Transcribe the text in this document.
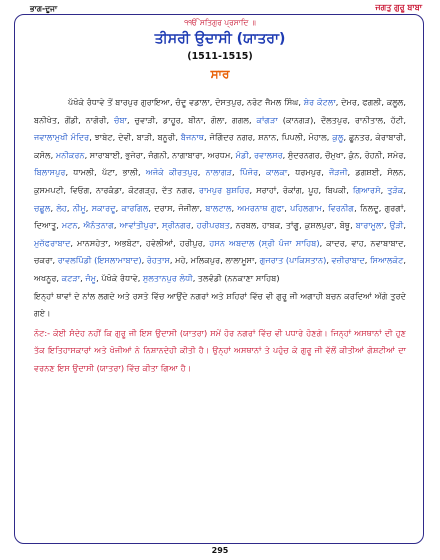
ਭਾਗ-ਦੂਜਾ	ਜਗਤੁ ਗੁਰੂ ਬਾਬਾ
੧ੴ ਸਤਿਗੁਰ ਪ੍ਰਸਾਦਿ ॥
ਤੀਸਰੀ ਉਦਾਸੀ (ਯਾਤਰਾ)
(1511-1515)
ਸਾਰ

ਪੱਖੋਕੇ ਰੰਧਾਵੇ ਤੋਂ ਬਾਰਪੁਰ ਗੁਰਾਇਆ, ਚੰਦੂ ਵਡਾਲਾ, ਦੋਸਤਪੁਰ, ਨਰੋਟ ਜੈਮਲ ਸਿੰਘ, ਸ਼ੇਰ ਕੋਟਲਾ, ਦੇਮਰ, ਫਗਲੀ, ਕਲੂਲ, ਬਨੀਖੇਤ, ਗੋਂਡੀ, ਨਾਗੋਰੀ, ਚੰਬਾ, ਚੁਵਾੜੀ, ਡਾਹੂਰ, ਬੀਨਾ, ਗੋਲਾ, ਗਗਲ, ਕਾਂਗੜਾ (ਕਾਨਗੜ), ਦੌਲਤਪੁਰ, ਰਾਨੀਤਾਲ, ਹੱਟੀ, ਜਵਾਲਾਮੁਖੀ ਮੰਦਿਰ, ਝਾਬੇਟ, ਦੇਵੀ, ਬਾੜੀ, ਬਨੂਰੀ, ਬੈਜਨਾਥ, ਜੋਗਿੰਦਰ ਨਗਰ, ਸ਼ਨਾਨ, ਪਿਪਲੀ, ਮੋਹਾਲ, ਕੁਲੂ, ਛੂਨਤਰ, ਕੇਰਾਬਾਰੀ, ਕਸੋਲ, ਮਨੀਕਰਨ, ਸਾਰਾਬਾਈ, ਭੁਜੇਰਾ, ਜੰਗਨੀ, ਨਾਗਾਬਾਰਾ, ਅਰਧਮ, ਮੰਡੀ, ਰਵਾਲਸਰ, ਸੁੰਦਰਨਗਰ, ਚੌਮੁਖਾ, ਕੁੰਨ, ਰੋਹਨੀ, ਸਮੇਰ, ਬਿਲਾਸਪੁਰ, ਧਾਮਲੀ, ਪੱਟਾ, ਭਾਲੀ, ਅਜੋਕੇ ਕੀਰਤਪੁਰ, ਨਾਲਾਗੜ, ਪਿੰਜੋਰ, ਕਾਲਕਾ, ਧਰਮਪੁਰ, ਜੌੜਜੀ, ਡਗਸ਼ਈ, ਸੋਲਨ, ਕੁਸਮਪਟੀ, ਵਿਓਗ, ਨਾਰਕੰਡਾ, ਕੋਟਗੜ੍ਹ, ਦੱਤ ਨਗਰ, ਰਾਮਪੁਰ ਬੁਸ਼ਹਿਰ, ਸਰਾਹਾਂ, ਰੋਕਾਂਗ, ਪੂਹ, ਬਿਪਕੀ, ਗਿਆਰਸੋ, ਤੁੜੋਕ, ਚਛੂਲ, ਲੇਹ, ਨੀਮੂ, ਸਕਾਰਦੂ, ਕਾਰਗਿਲ, ਦਰਾਸ, ਜੋਜੀਲਾ, ਬਾਲਟਾਲ, ਅਮਰਨਾਥ ਗੁਫਾ, ਪਹਿਲਗਾਮ, ਵਿਰਨੀਗ, ਨਿਲਦੂ, ਗੁਰਗਾਂ, ਦਿਆਤੂ, ਮਟਨ, ਐਨੰਤਨਾਗ, ਆਵਾਂਤੀਪੁਰਾ, ਸ੍ਰੀਨਗਰ, ਹਰੀਪਰਬਤ, ਨਰਬਲ, ਹਾਬਕ, ਤਾਂਗੂ, ਕੁਸ਼ਲਪੁਰਾ, ਬੋਥੂ, ਬਾਰਾਮੂਲਾ, ਉੜੀ, ਮੁਜ਼ੱਫਰਾਬਾਦ, ਮਾਨਸਹੇਤਾ, ਅਭਬੋਟਾ, ਹਵੇਲੀਆਂ, ਹਰੀਪੁਰ, ਹਸਨ ਅਬਦਾਲ (ਸ੍ਰੀ ਪੰਜਾ ਸਾਹਿਬ), ਕਾਦਰ, ਵਾਹ, ਨਵਾਬਾਬਾਦ, ਚਕਰਾ, ਰਾਵਲਪਿੰਡੀ (ਇਸਲਾਮਾਬਾਦ), ਰੋਹਤਾਸ, ਮਹੇ, ਮਲਿਕਪੁਰ, ਲਾਲਾਮੂਸਾ, ਗੁਜਰਾਤ (ਪਾਕਿਸਤਾਨ), ਵਜ਼ੀਰਾਬਾਦ, ਸਿਆਲਕੋਟ, ਅਖਨੂਰ, ਕਟੜਾ, ਜੰਮੂ, ਪੱਖੋਕੇ ਰੰਧਾਵੇ, ਸੁਲਤਾਨਪੁਰ ਲੋਧੀ, ਤਲਵੰਡੀ (ਨਨਕਾਣਾ ਸਾਹਿਬ)

ਇਨ੍ਹਾਂ ਥਾਵਾਂ ਦੇ ਨਾਂਲ ਲਗਦੇ ਅਤੇ ਰਸਤੇ ਵਿੱਚ ਆਉਂਦੇ ਨਗਰਾਂ ਅਤੇ ਸ਼ਹਿਰਾਂ ਵਿੱਚ ਵੀ ਗੁਰੂ ਜੀ ਅਗਾਹੀ ਬਚਨ ਕਰਦਿਆਂ ਅੱਗੇ ਤੁਰਦੇ ਗਏ।

ਨੋਟ:- ਕੋਈ ਸੰਦੇਹ ਨਹੀਂ ਕਿ ਗੁਰੂ ਜੀ ਇਸ ਉਦਾਸੀ (ਯਾਤਰਾ) ਸਮੇਂ ਹੋਰ ਨਗਰਾਂ ਵਿੱਚ ਵੀ ਪਧਾਰੇ ਹੋਣਗੇ। ਜਿਨ੍ਹਾਂ ਅਸਥਾਨਾਂ ਦੀ ਹੁਣ ਤੱਕ ਇਤਿਹਾਸਕਾਰਾਂ ਅਤੇ ਖੋਜੀਆਂ ਨੇ ਨਿਸ਼ਾਨਦੇਹੀ ਕੀਤੀ ਹੈ। ਉਨ੍ਹਾਂ ਅਸਥਾਨਾਂ ਤੇ ਪਹੁੰਚ ਕੇ ਗੁਰੂ ਜੀ ਵੱਲੋਂ ਕੀਤੀਆਂ ਗੋਸ਼ਟੀਆਂ ਦਾ ਵਰਨਣ ਇਸ ਉਦਾਸੀ (ਯਾਤਰਾ) ਵਿੱਚ ਕੀਤਾ ਗਿਆ ਹੈ।

295
